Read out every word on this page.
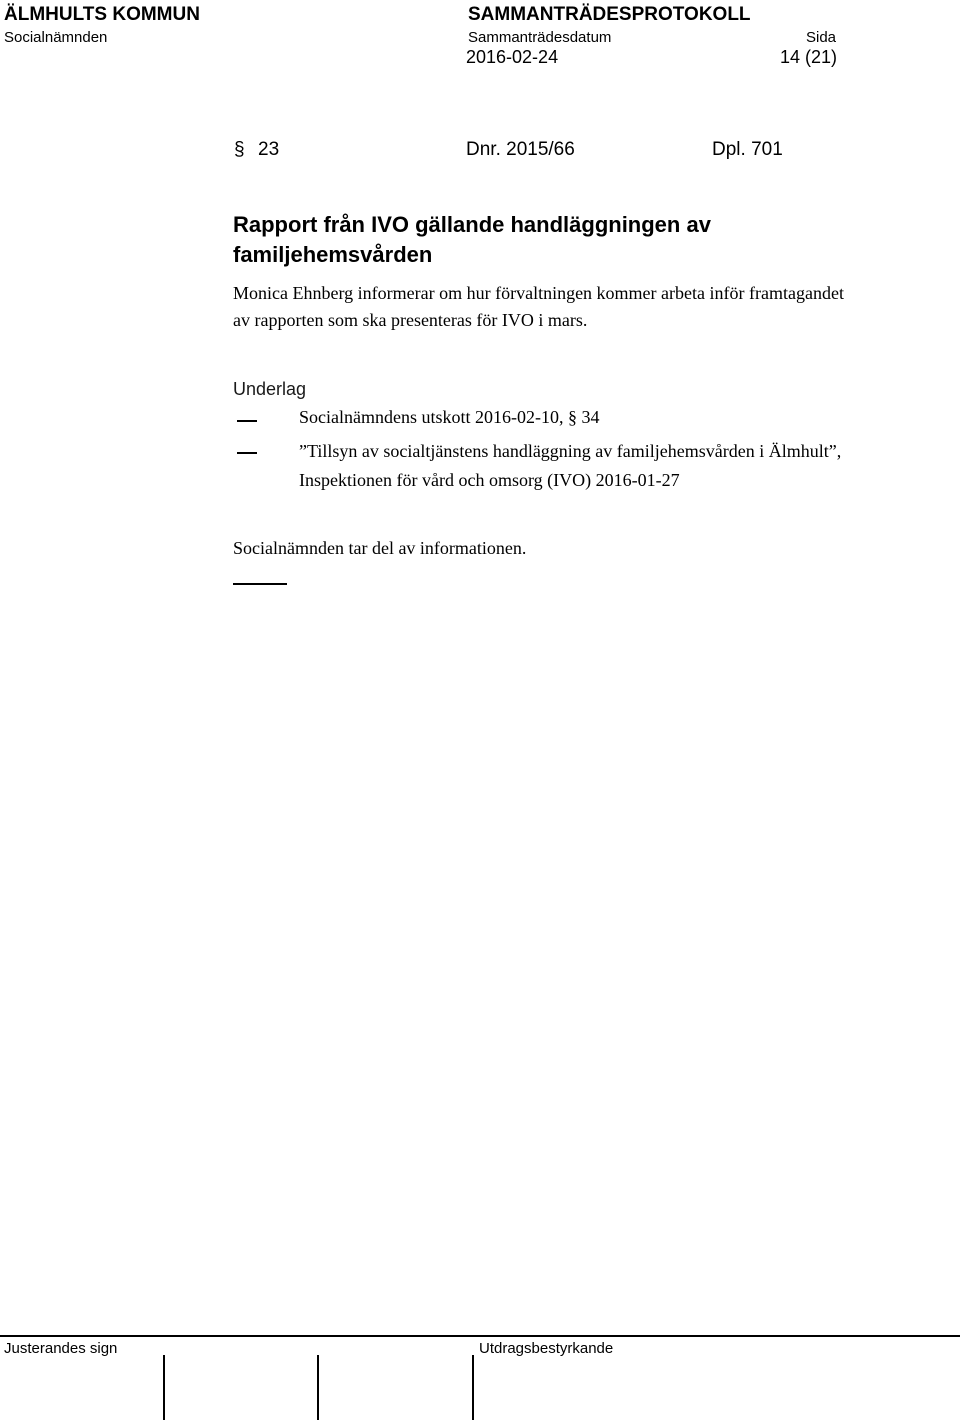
ÄLMHULTS KOMMUN
Socialnämnden
SAMMANTRÄDESPROTOKOLL
Sammanträdesdatum	Sida
2016-02-24	14 (21)
§ 23	Dnr. 2015/66	Dpl. 701
Rapport från IVO gällande handläggningen av familjehemsvården
Monica Ehnberg informerar om hur förvaltningen kommer arbeta inför framtagandet av rapporten som ska presenteras för IVO i mars.
Underlag
Socialnämndens utskott 2016-02-10, § 34
”Tillsyn av socialtjänstens handläggning av familjehemsvården i Älmhult”, Inspektionen för vård och omsorg (IVO) 2016-01-27
Socialnämnden tar del av informationen.
Justerandes sign	Utdragsbestyrkande
